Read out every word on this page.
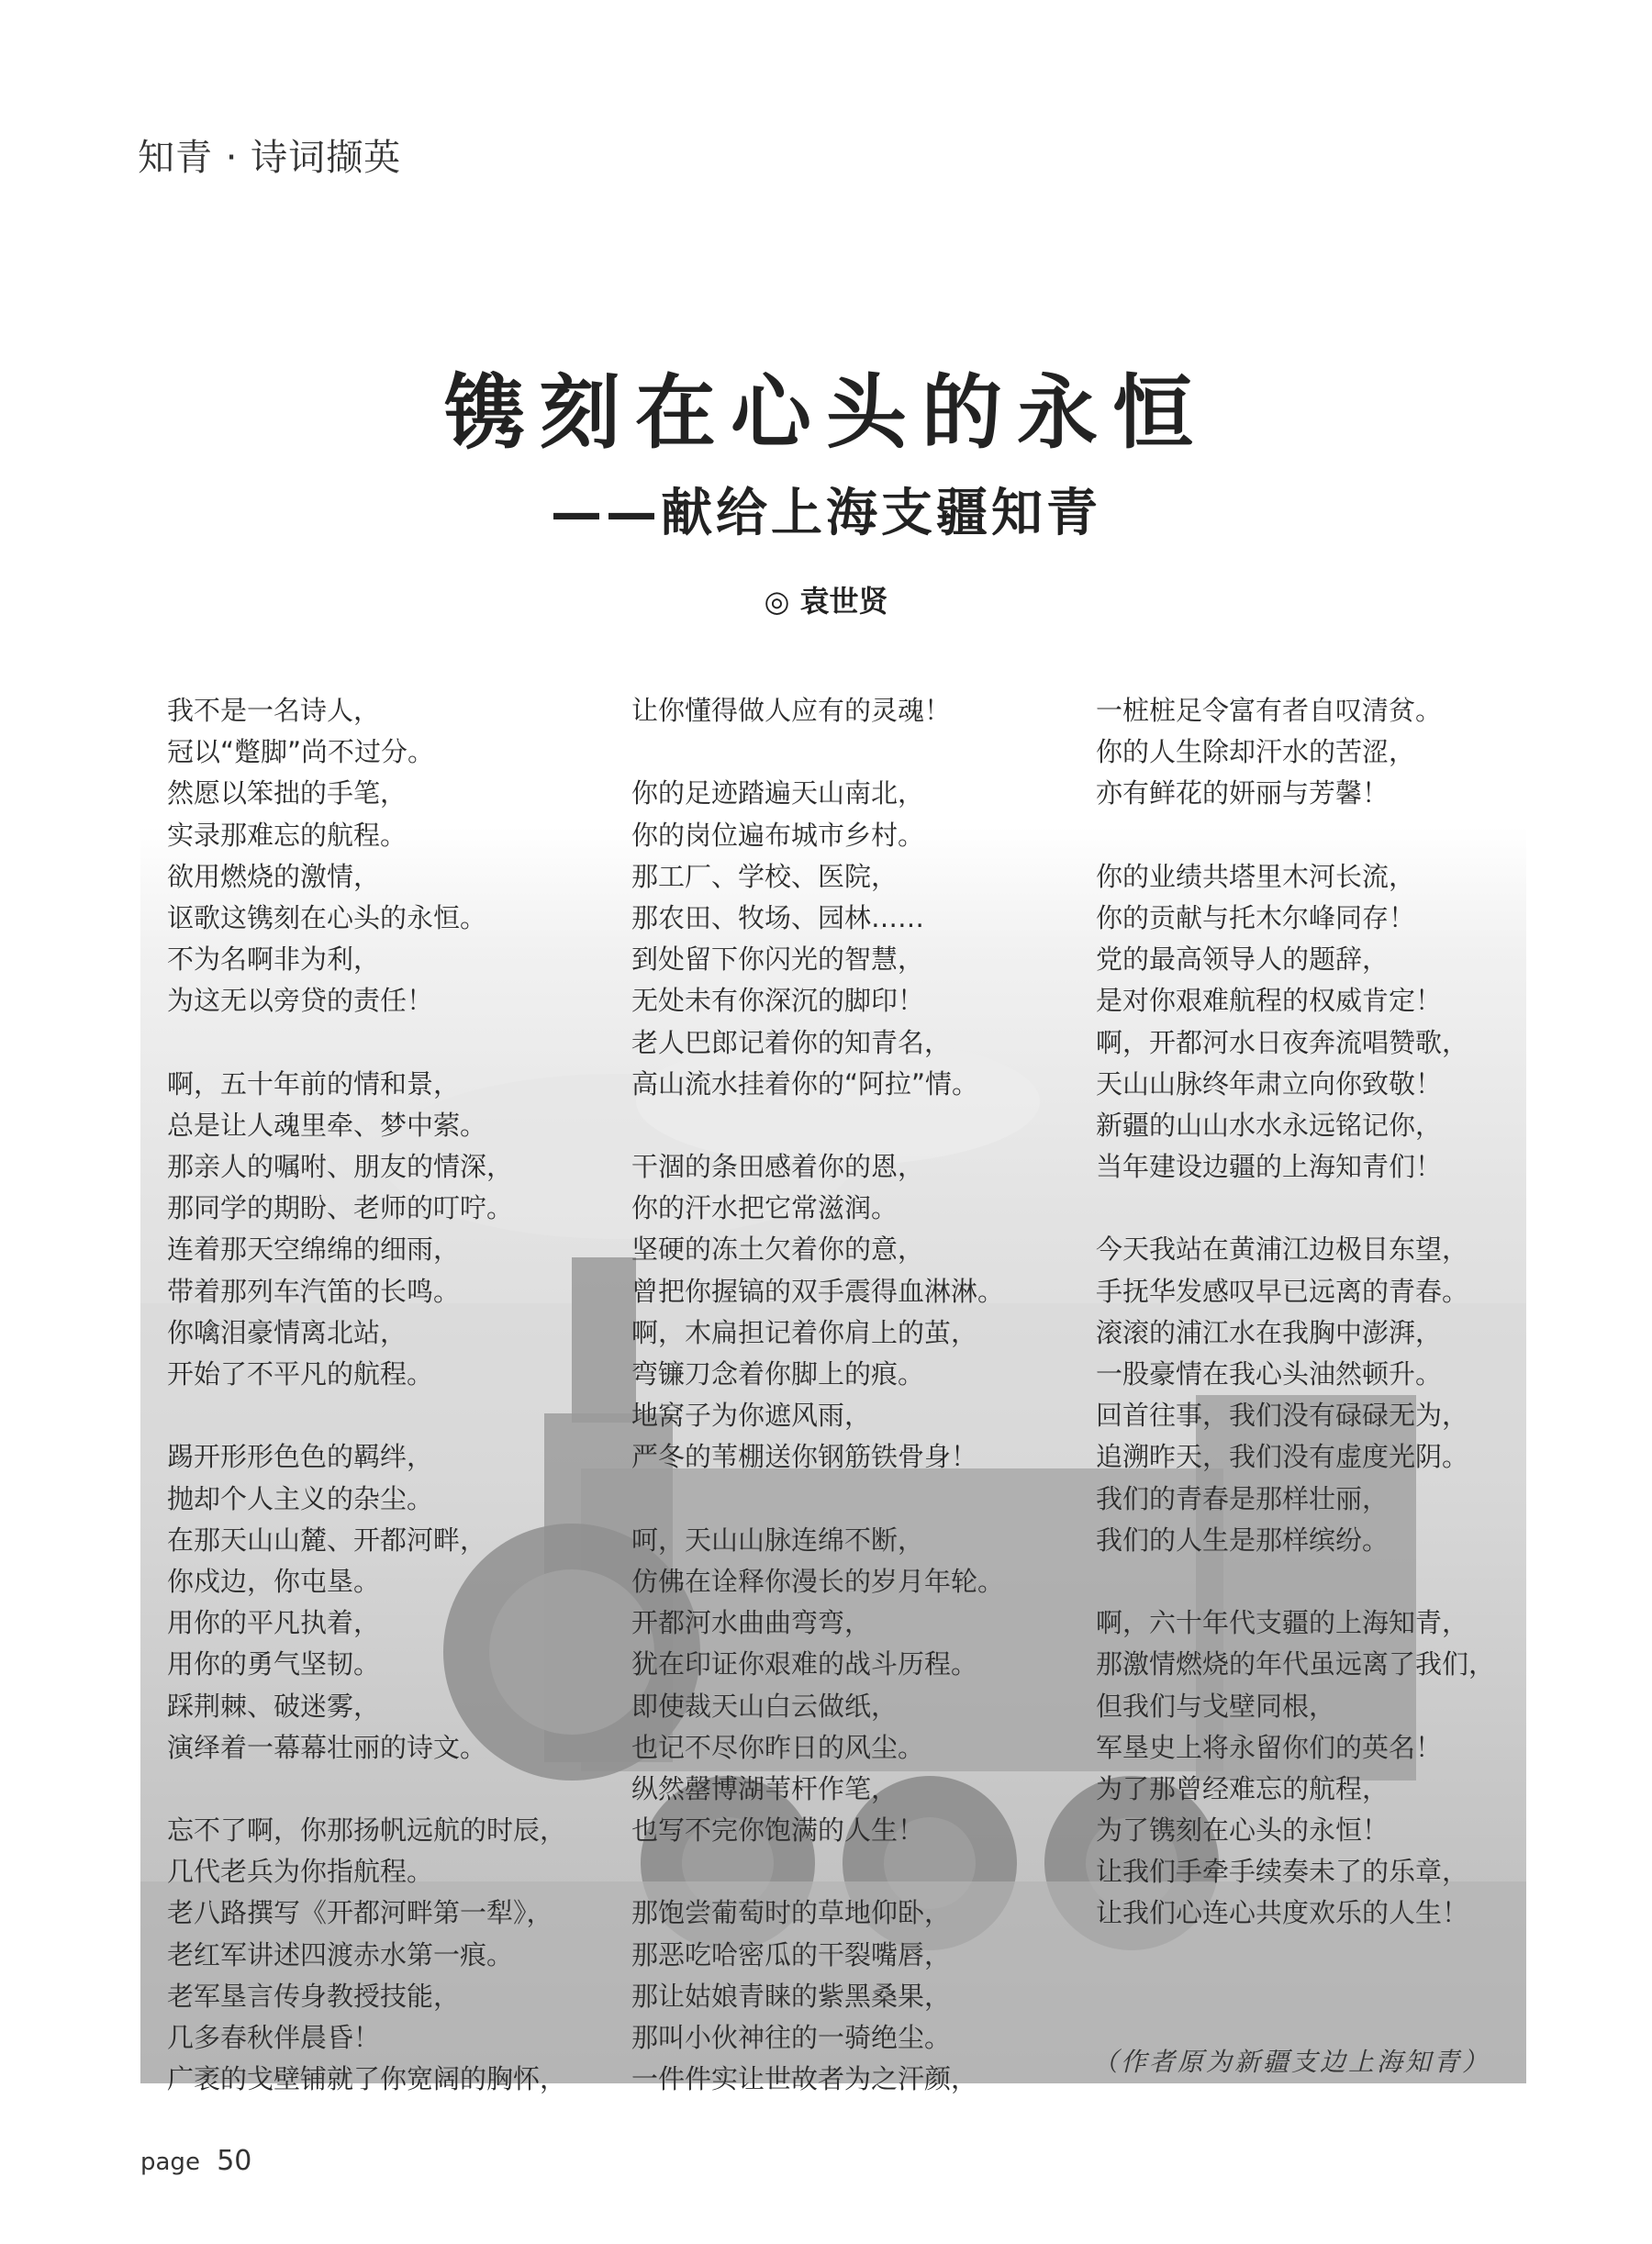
知青 · 诗词撷英
镌刻在心头的永恒
——献给上海支疆知青
◎ 袁世贤
我不是一名诗人，
冠以“蹩脚”尚不过分。
然愿以笨拙的手笔，
实录那难忘的航程。
欲用燃烧的激情，
讴歌这镌刻在心头的永恒。
不为名啊非为利，
为这无以旁贷的责任！
啊，五十年前的情和景，
总是让人魂里牵、梦中萦。
那亲人的嘱咐、朋友的情深，
那同学的期盼、老师的叮咛。
连着那天空绵绵的细雨，
带着那列车汽笛的长鸣。
你噙泪豪情离北站，
开始了不平凡的航程。
踢开形形色色的羁绊，
抛却个人主义的杂尘。
在那天山山麓、开都河畔，
你戍边，你屯垦。
用你的平凡执着，
用你的勇气坚韧。
踩荆棘、破迷雾，
演绎着一幕幕壮丽的诗文。
忘不了啊，你那扬帆远航的时辰，
几代老兵为你指航程。
老八路撰写《开都河畔第一犁》，
老红军讲述四渡赤水第一痕。
老军垦言传身教授技能，
几多春秋伴晨昏！
广袤的戈壁铺就了你宽阔的胸怀，
让你懂得做人应有的灵魂！
你的足迹踏遍天山南北，
你的岗位遍布城市乡村。
那工厂、学校、医院，
那农田、牧场、园林……
到处留下你闪光的智慧，
无处未有你深沉的脚印！
老人巴郎记着你的知青名，
高山流水挂着你的“阿拉”情。
干涸的条田感着你的恩，
你的汗水把它常滋润。
坚硬的冻土欠着你的意，
曾把你握镐的双手震得血淋淋。
啊，木扁担记着你肩上的茧，
弯镰刀念着你脚上的痕。
地窝子为你遮风雨，
严冬的苇棚送你钢筋铁骨身！
呵，天山山脉连绵不断，
仿佛在诠释你漫长的岁月年轮。
开都河水曲曲弯弯，
犹在印证你艰难的战斗历程。
即使裁天山白云做纸，
也记不尽你昨日的风尘。
纵然罄博湖苇杆作笔，
也写不完你饱满的人生！
那饱尝葡萄时的草地仰卧，
那恶吃哈密瓜的干裂嘴唇，
那让姑娘青睐的紫黑桑果，
那叫小伙神往的一骑绝尘。
一件件实让世故者为之汗颜，
一桩桩足令富有者自叹清贫。
你的人生除却汗水的苦涩，
亦有鲜花的妍丽与芳馨！
你的业绩共塔里木河长流，
你的贡献与托木尔峰同存！
党的最高领导人的题辞，
是对你艰难航程的权威肯定！
啊，开都河水日夜奔流唱赞歌，
天山山脉终年肃立向你致敬！
新疆的山山水水永远铭记你，
当年建设边疆的上海知青们！
今天我站在黄浦江边极目东望，
手抚华发感叹早已远离的青春。
滚滚的浦江水在我胸中澎湃，
一股豪情在我心头油然顿升。
回首往事，我们没有碌碌无为，
追溯昨天，我们没有虚度光阴。
我们的青春是那样壮丽，
我们的人生是那样缤纷。
啊，六十年代支疆的上海知青，
那激情燃烧的年代虽远离了我们，
但我们与戈壁同根，
军垦史上将永留你们的英名！
为了那曾经难忘的航程，
为了镌刻在心头的永恒！
让我们手牵手续奏未了的乐章，
让我们心连心共度欢乐的人生！
（作者原为新疆支边上海知青）
page 50
